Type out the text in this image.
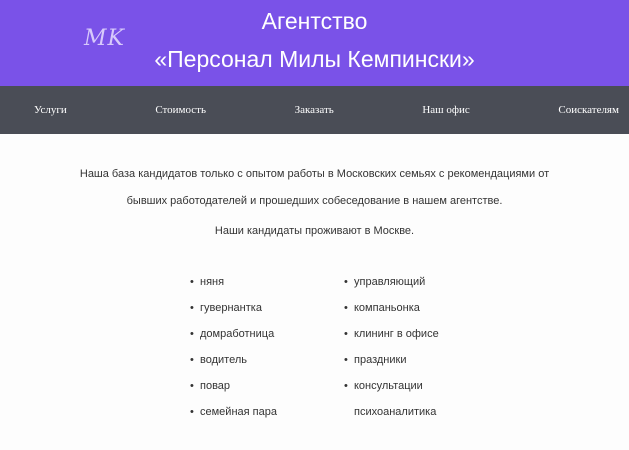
MK
Агентство
«Персонал Милы Кемпински»
Услуги	Стоимость	Заказать	Наш офис	Соискателям
Наша база кандидатов только с опытом работы в Московских семьях с рекомендациями от
бывших работодателей и прошедших собеседование в нашем агентстве.
Наши кандидаты проживают в Москве.
• няня
• гувернантка
• домработница
• водитель
• повар
• семейная пара
• управляющий
• компаньонка
• клининг в офисе
• праздники
• консультации
психоаналитика
